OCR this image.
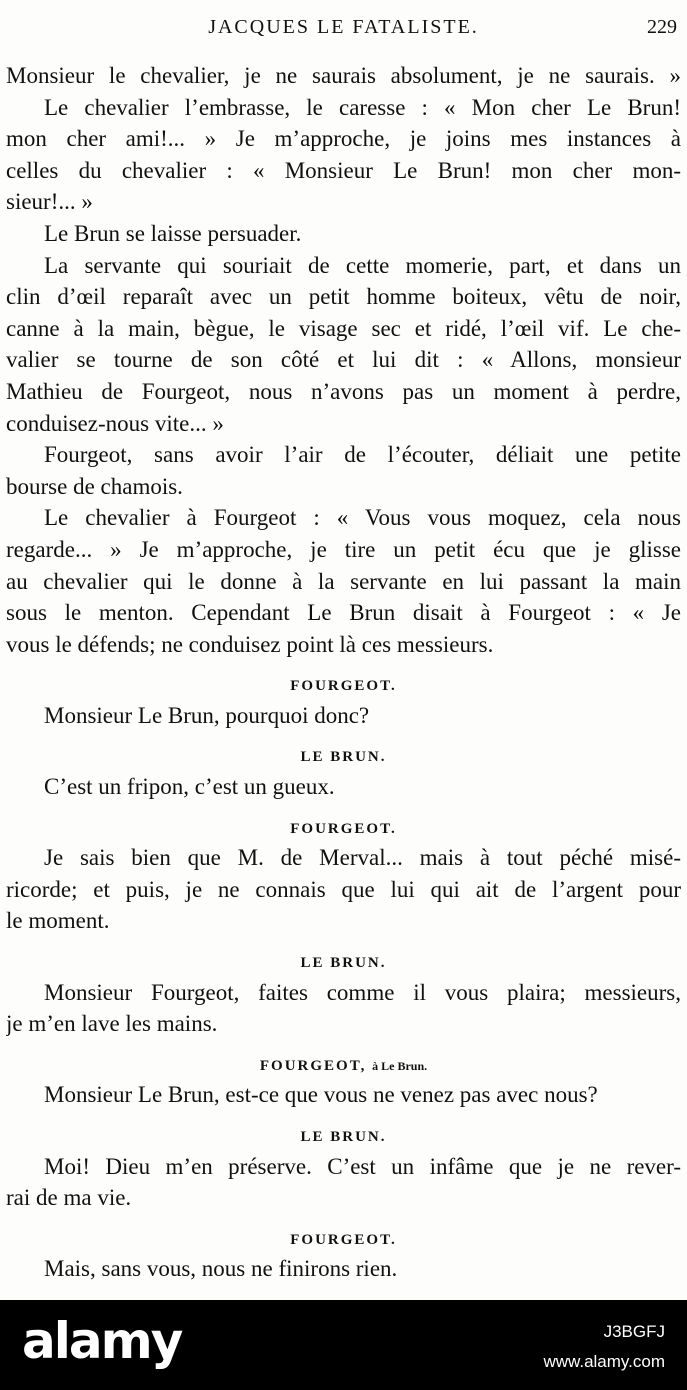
JACQUES LE FATALISTE.	229
Monsieur le chevalier, je ne saurais absolument, je ne saurais. »
Le chevalier l’embrasse, le caresse : « Mon cher Le Brun!
mon cher ami!... » Je m’approche, je joins mes instances à
celles du chevalier : « Monsieur Le Brun! mon cher mon-
sieur!... »
Le Brun se laisse persuader.
La servante qui souriait de cette momerie, part, et dans un
clin d’œil reparaît avec un petit homme boiteux, vêtu de noir,
canne à la main, bègue, le visage sec et ridé, l’œil vif. Le che-
valier se tourne de son côté et lui dit : « Allons, monsieur
Mathieu de Fourgeot, nous n’avons pas un moment à perdre,
conduisez-nous vite... »
Fourgeot, sans avoir l’air de l’écouter, déliait une petite
bourse de chamois.
Le chevalier à Fourgeot : « Vous vous moquez, cela nous
regarde... » Je m’approche, je tire un petit écu que je glisse
au chevalier qui le donne à la servante en lui passant la main
sous le menton. Cependant Le Brun disait à Fourgeot : « Je
vous le défends; ne conduisez point là ces messieurs.
FOURGEOT.
Monsieur Le Brun, pourquoi donc?
LE BRUN.
C’est un fripon, c’est un gueux.
FOURGEOT.
Je sais bien que M. de Merval... mais à tout péché misé-
ricorde; et puis, je ne connais que lui qui ait de l’argent pour
le moment.
LE BRUN.
Monsieur Fourgeot, faites comme il vous plaira; messieurs,
je m’en lave les mains.
FOURGEOT, à Le Brun.
Monsieur Le Brun, est-ce que vous ne venez pas avec nous?
LE BRUN.
Moi! Dieu m’en préserve. C’est un infâme que je ne rever-
rai de ma vie.
FOURGEOT.
Mais, sans vous, nous ne finirons rien.
alamy	J3BGFJ
www.alamy.com
